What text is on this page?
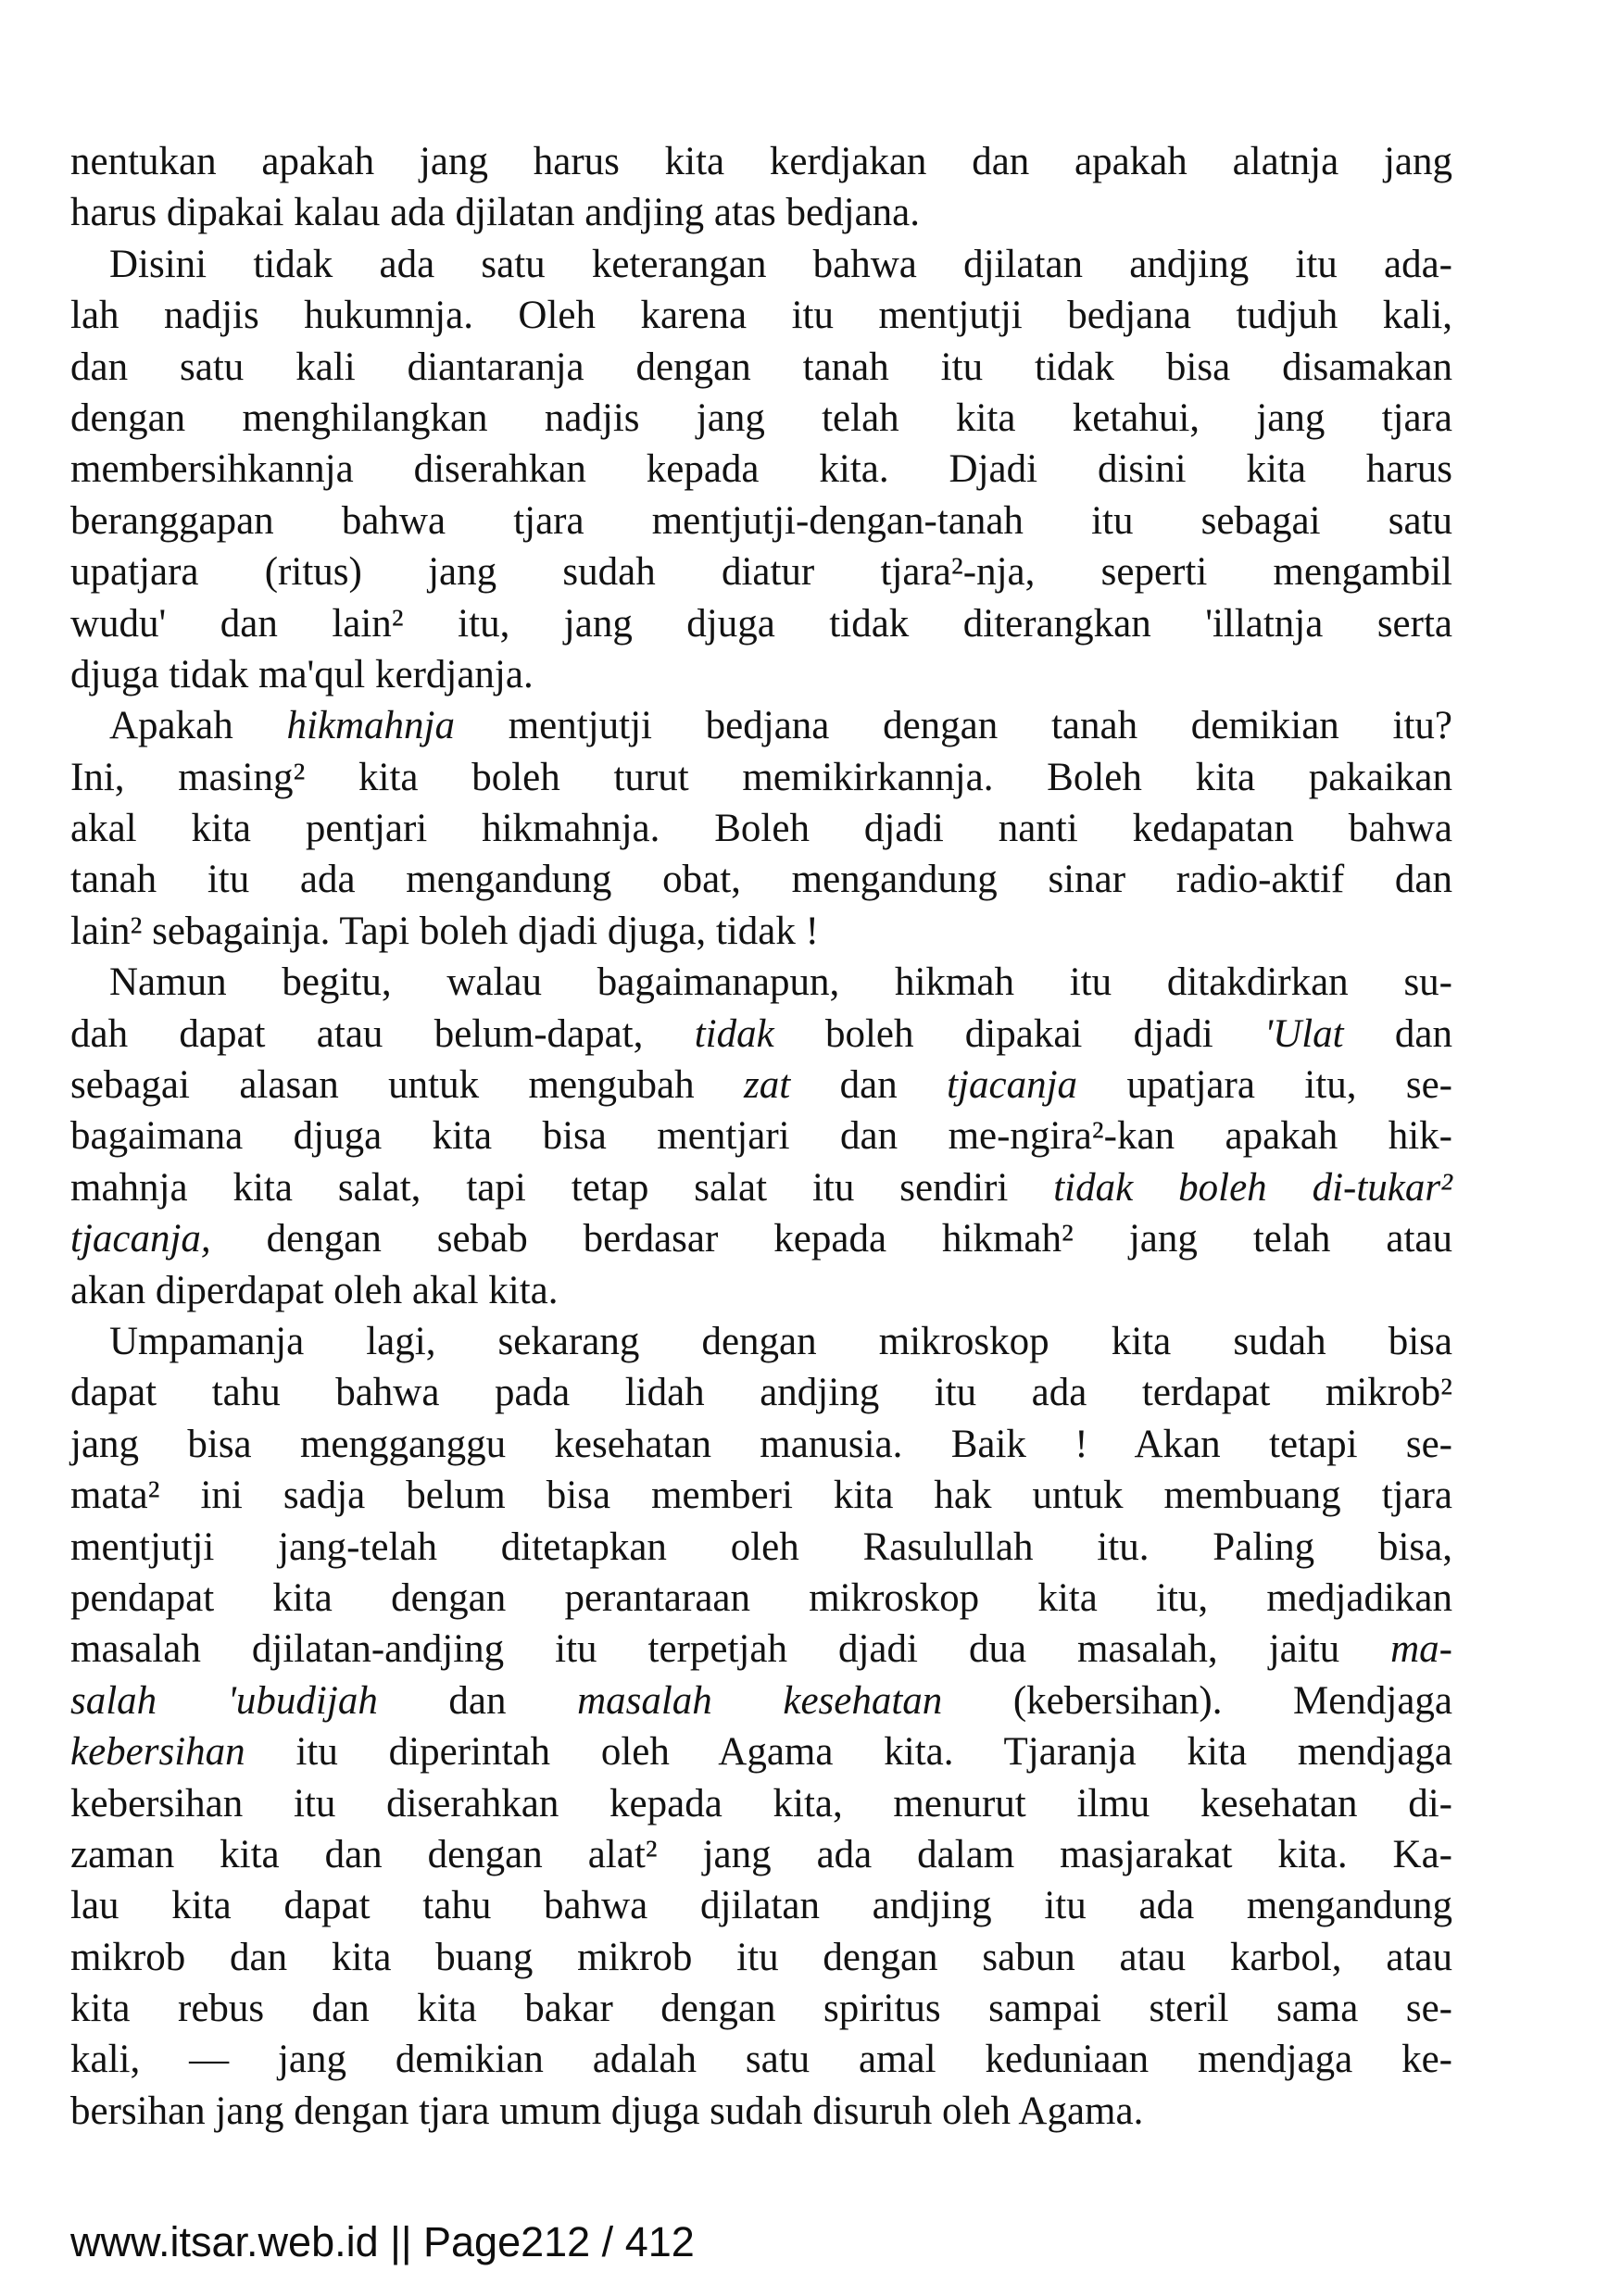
nentukan apakah jang harus kita kerdjakan dan apakah alatnja jang
harus dipakai kalau ada djilatan andjing atas bedjana.
Disini tidak ada satu keterangan bahwa djilatan andjing itu ada-
lah nadjis hukumnja. Oleh karena itu mentjutji bedjana tudjuh kali,
dan satu kali diantaranja dengan tanah itu tidak bisa disamakan
dengan menghilangkan nadjis jang telah kita ketahui, jang tjara
membersihkannja diserahkan kepada kita. Djadi disini kita harus
beranggapan bahwa tjara mentjutji-dengan-tanah itu sebagai satu
upatjara (ritus) jang sudah diatur tjara²-nja, seperti mengambil
wudu' dan lain² itu, jang djuga tidak diterangkan 'illatnja serta
djuga tidak ma'qul kerdjanja.
Apakah hikmahnja mentjutji bedjana dengan tanah demikian itu?
Ini, masing² kita boleh turut memikirkannja. Boleh kita pakaikan
akal kita pentjari hikmahnja. Boleh djadi nanti kedapatan bahwa
tanah itu ada mengandung obat, mengandung sinar radio-aktif dan
lain² sebagainja. Tapi boleh djadi djuga, tidak !
Namun begitu, walau bagaimanapun, hikmah itu ditakdirkan su-
dah dapat atau belum-dapat, tidak boleh dipakai djadi 'Ulat dan
sebagai alasan untuk mengubah zat dan tjacanja upatjara itu, se-
bagaimana djuga kita bisa mentjari dan me-ngira²-kan apakah hik-
mahnja kita salat, tapi tetap salat itu sendiri tidak boleh di-tukar²
tjacanja, dengan sebab berdasar kepada hikmah² jang telah atau
akan diperdapat oleh akal kita.
Umpamanja lagi, sekarang dengan mikroskop kita sudah bisa
dapat tahu bahwa pada lidah andjing itu ada terdapat mikrob²
jang bisa mengganggu kesehatan manusia. Baik ! Akan tetapi se-
mata² ini sadja belum bisa memberi kita hak untuk membuang tjara
mentjutji jang-telah ditetapkan oleh Rasulullah itu. Paling bisa,
pendapat kita dengan perantaraan mikroskop kita itu, medjadikan
masalah djilatan-andjing itu terpetjah djadi dua masalah, jaitu ma-
salah 'ubudijah dan masalah kesehatan (kebersihan). Mendjaga
kebersihan itu diperintah oleh Agama kita. Tjaranja kita mendjaga
kebersihan itu diserahkan kepada kita, menurut ilmu kesehatan di-
zaman kita dan dengan alat² jang ada dalam masjarakat kita. Ka-
lau kita dapat tahu bahwa djilatan andjing itu ada mengandung
mikrob dan kita buang mikrob itu dengan sabun atau karbol, atau
kita rebus dan kita bakar dengan spiritus sampai steril sama se-
kali, — jang demikian adalah satu amal keduniaan mendjaga ke-
bersihan jang dengan tjara umum djuga sudah disuruh oleh Agama.
www.itsar.web.id || Page212 / 412
